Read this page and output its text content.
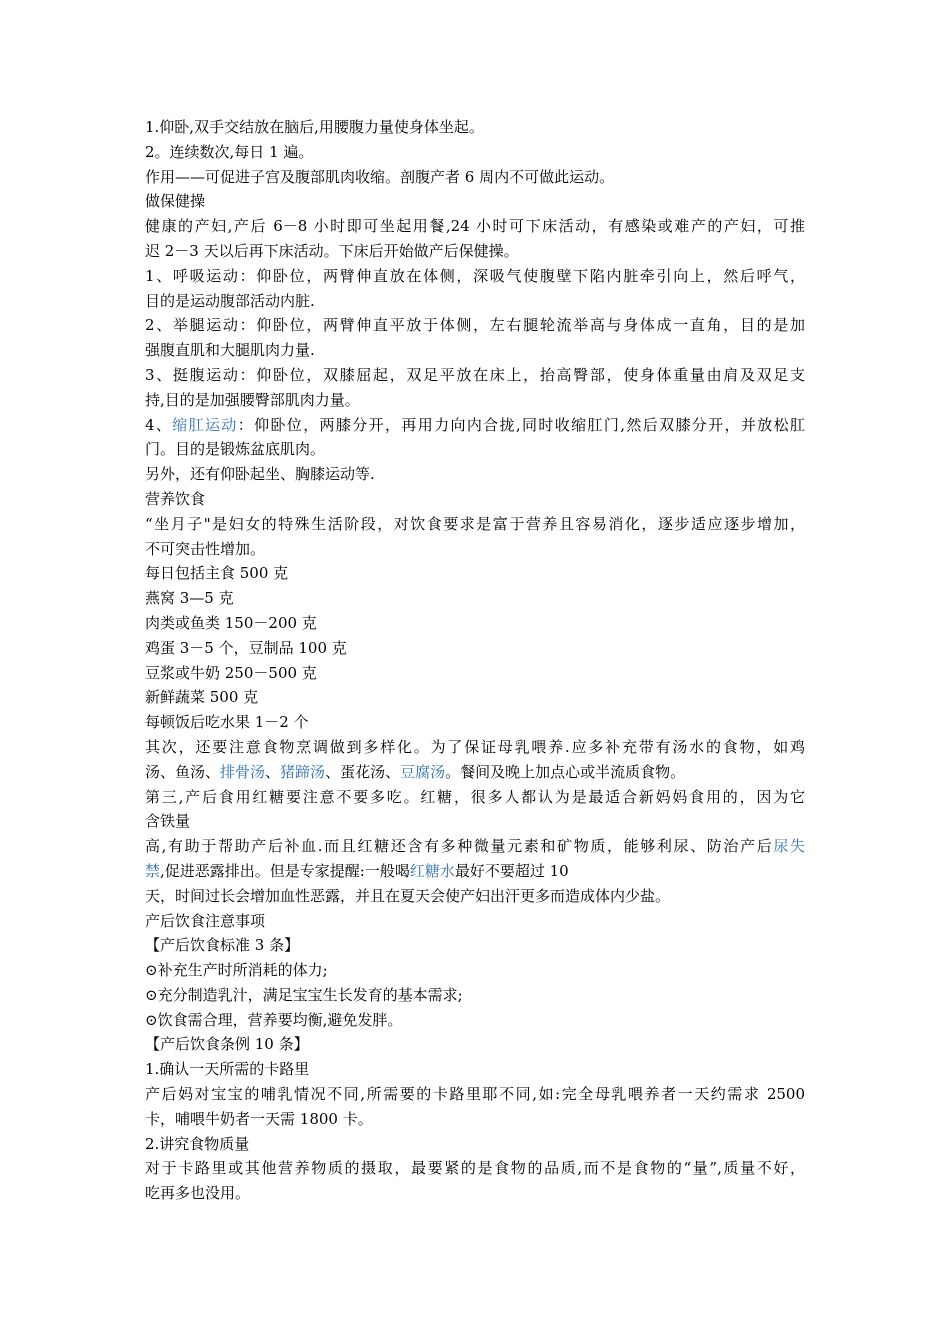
1.仰卧,双手交结放在脑后,用腰腹力量使身体坐起。
2。连续数次,每日 1 遍。
作用——可促进子宫及腹部肌肉收缩。剖腹产者 6 周内不可做此运动。
做保健操
健康的产妇,产后 6－8 小时即可坐起用餐,24 小时可下床活动，有感染或难产的产妇，可推
迟 2－3 天以后再下床活动。下床后开始做产后保健操。
1、呼吸运动：仰卧位，两臂伸直放在体侧，深吸气使腹壁下陷内脏牵引向上，然后呼气，
目的是运动腹部活动内脏.
2、举腿运动：仰卧位，两臂伸直平放于体侧，左右腿轮流举高与身体成一直角，目的是加
强腹直肌和大腿肌肉力量.
3、挺腹运动：仰卧位，双膝屈起，双足平放在床上，抬高臀部，使身体重量由肩及双足支
持,目的是加强腰臀部肌肉力量。
4、缩肛运动：仰卧位，两膝分开，再用力向内合拢,同时收缩肛门,然后双膝分开，并放松肛
门。目的是锻炼盆底肌肉。
另外，还有仰卧起坐、胸膝运动等.
营养饮食
“坐月子"是妇女的特殊生活阶段，对饮食要求是富于营养且容易消化，逐步适应逐步增加，
不可突击性增加。
每日包括主食 500 克
燕窝 3—5 克
肉类或鱼类 150－200 克
鸡蛋 3－5 个，豆制品 100 克
豆浆或牛奶 250－500 克
新鲜蔬菜 500 克
每顿饭后吃水果 1－2 个
其次，还要注意食物烹调做到多样化。为了保证母乳喂养.应多补充带有汤水的食物，如鸡
汤、鱼汤、排骨汤、猪蹄汤、蛋花汤、豆腐汤。餐间及晚上加点心或半流质食物。
第三,产后食用红糖要注意不要多吃。红糖，很多人都认为是最适合新妈妈食用的，因为它
含铁量
高,有助于帮助产后补血.而且红糖还含有多种微量元素和矿物质，能够利尿、防治产后尿失
禁,促进恶露排出。但是专家提醒:一般喝红糖水最好不要超过 10
天，时间过长会增加血性恶露，并且在夏天会使产妇出汗更多而造成体内少盐。
产后饮食注意事项
【产后饮食标准 3 条】
⊙补充生产时所消耗的体力;
⊙充分制造乳汁，满足宝宝生长发育的基本需求;
⊙饮食需合理，营养要均衡,避免发胖。
【产后饮食条例 10 条】
1.确认一天所需的卡路里
产后妈对宝宝的哺乳情况不同,所需要的卡路里耶不同,如:完全母乳喂养者一天约需求 2500
卡，哺喂牛奶者一天需 1800 卡。
2.讲究食物质量
对于卡路里或其他营养物质的摄取，最要紧的是食物的品质,而不是食物的“量”,质量不好，
吃再多也没用。
